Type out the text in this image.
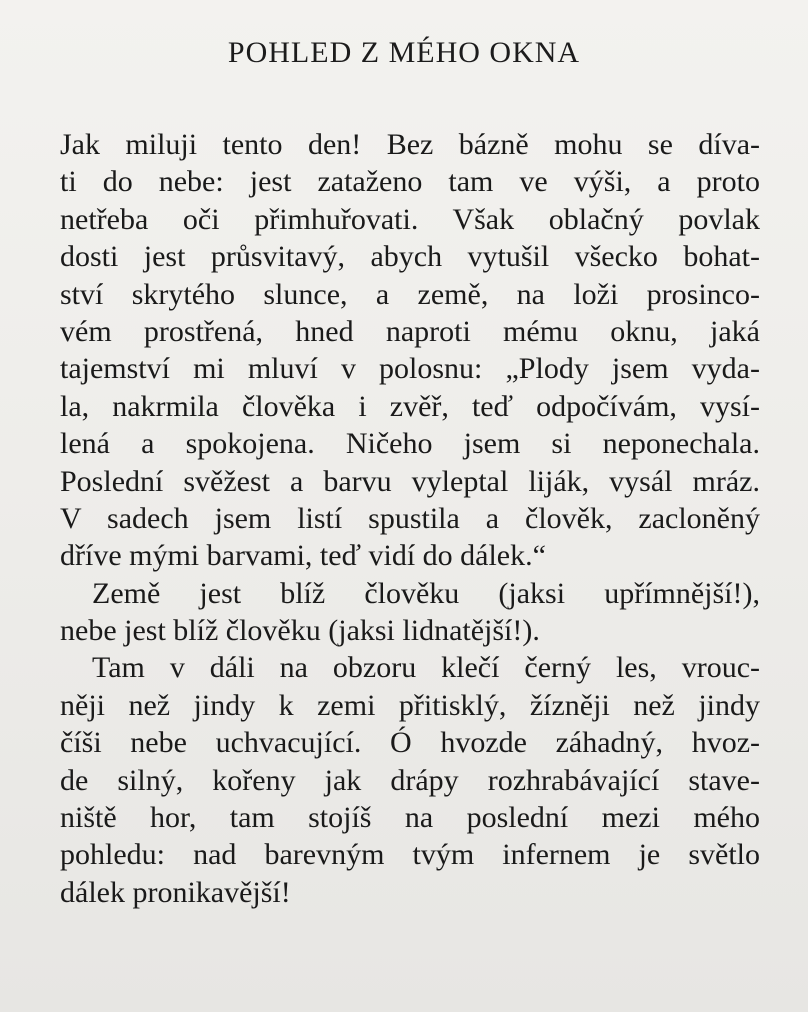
POHLED Z MÉHO OKNA
Jak miluji tento den! Bez bázně mohu se díva-
ti do nebe: jest zataženo tam ve výši, a proto
netřeba oči přimhuřovati. Však oblačný povlak
dosti jest průsvitavý, abych vytušil všecko bohat-
ství skrytého slunce, a země, na loži prosinco-
vém prostřená, hned naproti mému oknu, jaká
tajemství mi mluví v polosnu: „Plody jsem vyda-
la, nakrmila člověka i zvěř, teď odpočívám, vysí-
lená a spokojena. Ničeho jsem si neponechala.
Poslední svěžest a barvu vyleptal liják, vysál mráz.
V sadech jsem listí spustila a člověk, zacloněný
dříve mými barvami, teď vidí do dálek.“
Země jest blíž člověku (jaksi upřímnější!),
nebe jest blíž člověku (jaksi lidnatější!).
Tam v dáli na obzoru klečí černý les, vrouc-
něji než jindy k zemi přitisklý, žízněji než jindy
číši nebe uchvacující. Ó hvozde záhadný, hvoz-
de silný, kořeny jak drápy rozhrabávající stave-
niště hor, tam stojíš na poslední mezi mého
pohledu: nad barevným tvým infernem je světlo
dálek pronikavější!
